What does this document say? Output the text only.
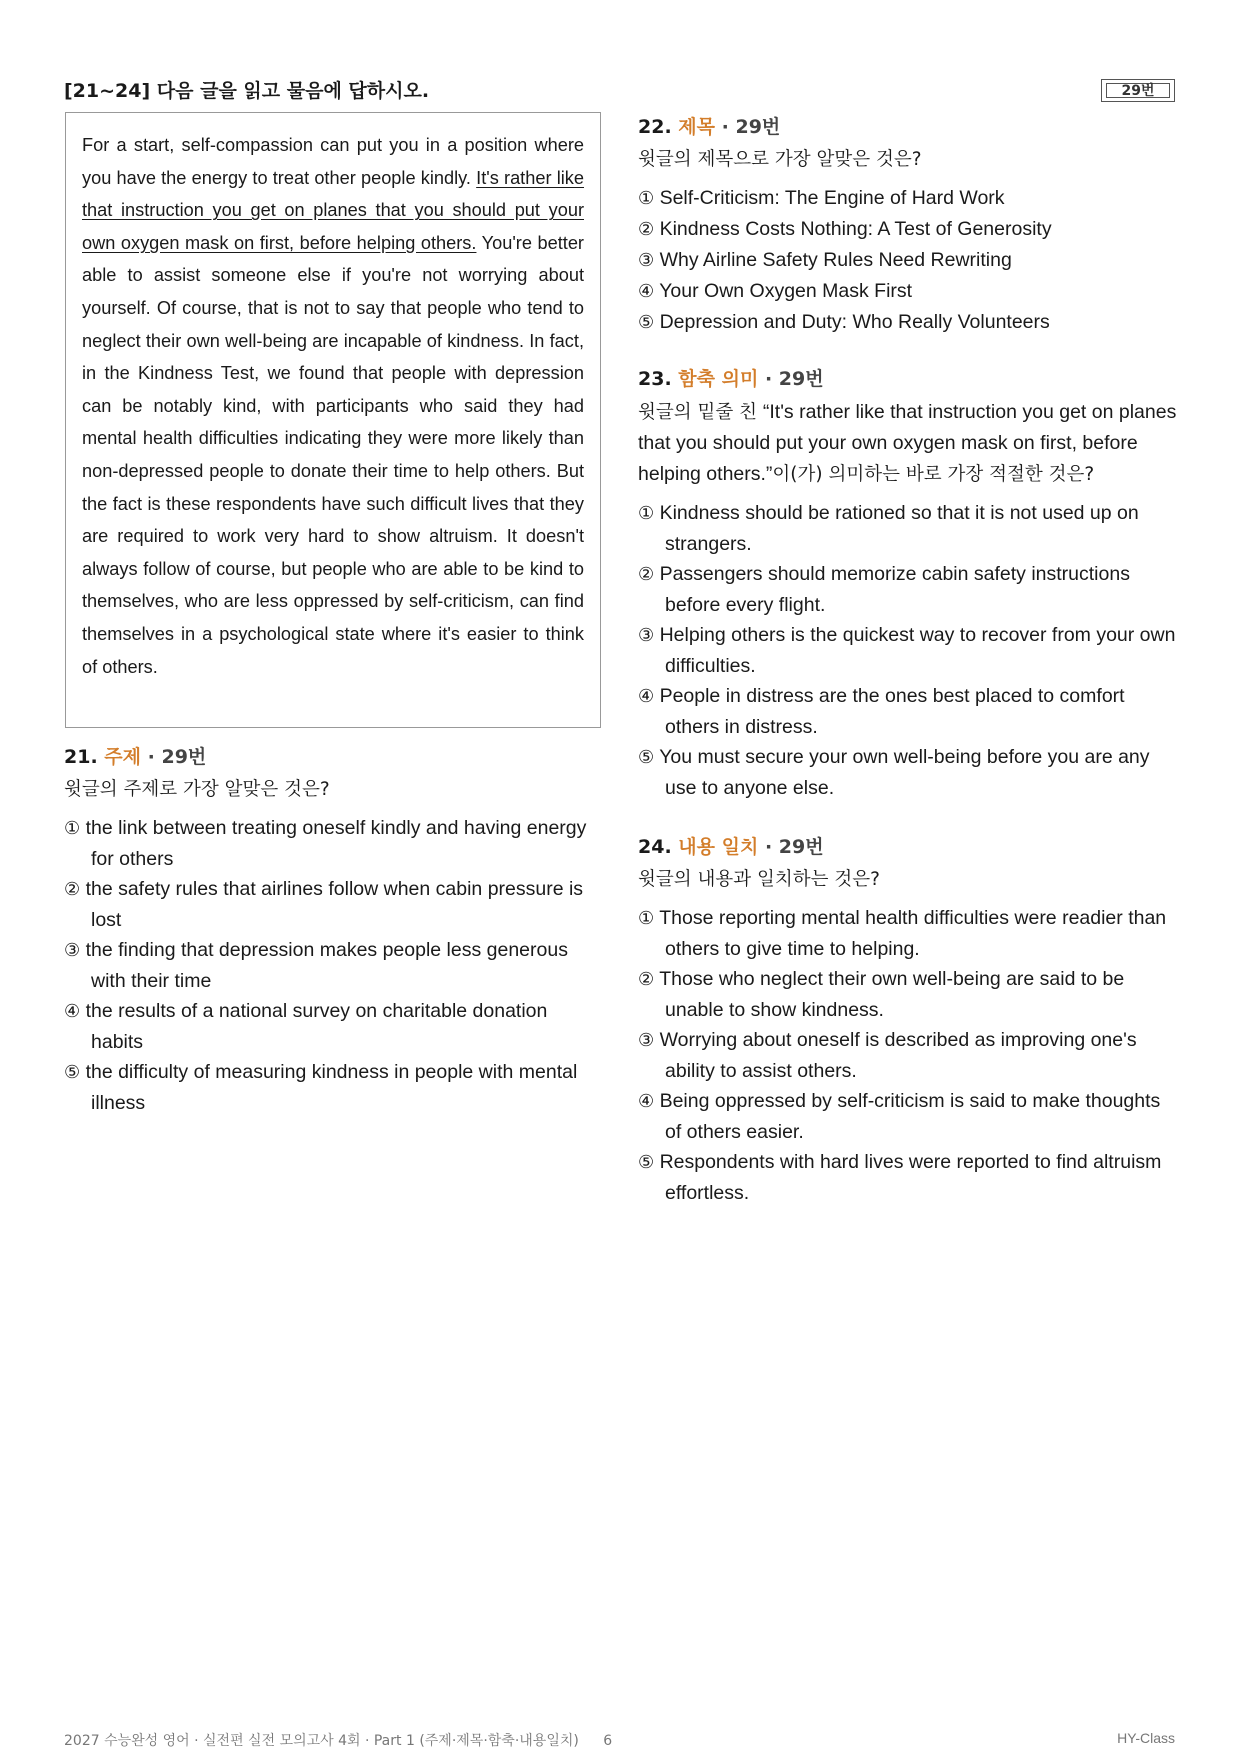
[21~24] 다음 글을 읽고 물음에 답하시오.	29번

For a start, self-compassion can put you in a position where you have the energy to treat other people kindly. It's rather like that instruction you get on planes that you should put your own oxygen mask on first, before helping others. You're better able to assist someone else if you're not worrying about yourself. Of course, that is not to say that people who tend to neglect their own well-being are incapable of kindness. In fact, in the Kindness Test, we found that people with depression can be notably kind, with participants who said they had mental health difficulties indicating they were more likely than non-depressed people to donate their time to help others. But the fact is these respondents have such difficult lives that they are required to work very hard to show altruism. It doesn't always follow of course, but people who are able to be kind to themselves, who are less oppressed by self-criticism, can find themselves in a psychological state where it's easier to think of others.

21. 주제 · 29번
윗글의 주제로 가장 알맞은 것은?
① the link between treating oneself kindly and having energy for others
② the safety rules that airlines follow when cabin pressure is lost
③ the finding that depression makes people less generous with their time
④ the results of a national survey on charitable donation habits
⑤ the difficulty of measuring kindness in people with mental illness
22. 제목 · 29번
윗글의 제목으로 가장 알맞은 것은?
① Self-Criticism: The Engine of Hard Work
② Kindness Costs Nothing: A Test of Generosity
③ Why Airline Safety Rules Need Rewriting
④ Your Own Oxygen Mask First
⑤ Depression and Duty: Who Really Volunteers
23. 함축 의미 · 29번
윗글의 밑줄 친 “It's rather like that instruction you get on planes that you should put your own oxygen mask on first, before helping others.”이(가) 의미하는 바로 가장 적절한 것은?
① Kindness should be rationed so that it is not used up on strangers.
② Passengers should memorize cabin safety instructions before every flight.
③ Helping others is the quickest way to recover from your own difficulties.
④ People in distress are the ones best placed to comfort others in distress.
⑤ You must secure your own well-being before you are any use to anyone else.
24. 내용 일치 · 29번
윗글의 내용과 일치하는 것은?
① Those reporting mental health difficulties were readier than others to give time to helping.
② Those who neglect their own well-being are said to be unable to show kindness.
③ Worrying about oneself is described as improving one's ability to assist others.
④ Being oppressed by self-criticism is said to make thoughts of others easier.
⑤ Respondents with hard lives were reported to find altruism effortless.
2027 수능완성 영어 · 실전편 실전 모의고사 4회 · Part 1 (주제·제목·함축·내용일치) 6	HY-Class
